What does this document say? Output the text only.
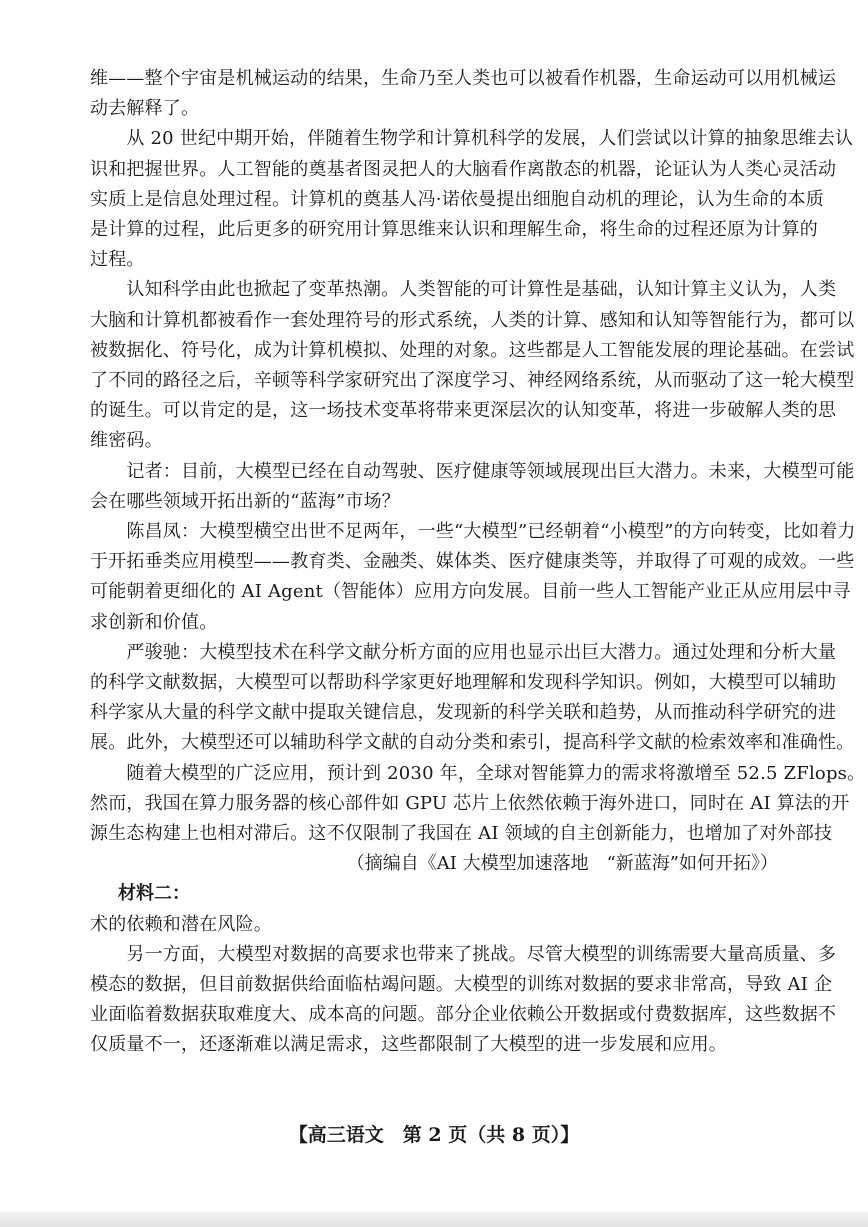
维——整个宇宙是机械运动的结果，生命乃至人类也可以被看作机器，生命运动可以用机械运
动去解释了。
　　从 20 世纪中期开始，伴随着生物学和计算机科学的发展，人们尝试以计算的抽象思维去认
识和把握世界。人工智能的奠基者图灵把人的大脑看作离散态的机器，论证认为人类心灵活动
实质上是信息处理过程。计算机的奠基人冯·诺依曼提出细胞自动机的理论，认为生命的本质
是计算的过程，此后更多的研究用计算思维来认识和理解生命，将生命的过程还原为计算的
过程。
　　认知科学由此也掀起了变革热潮。人类智能的可计算性是基础，认知计算主义认为，人类
大脑和计算机都被看作一套处理符号的形式系统，人类的计算、感知和认知等智能行为，都可以
被数据化、符号化，成为计算机模拟、处理的对象。这些都是人工智能发展的理论基础。在尝试
了不同的路径之后，辛顿等科学家研究出了深度学习、神经网络系统，从而驱动了这一轮大模型
的诞生。可以肯定的是，这一场技术变革将带来更深层次的认知变革，将进一步破解人类的思
维密码。
　　记者：目前，大模型已经在自动驾驶、医疗健康等领域展现出巨大潜力。未来，大模型可能
会在哪些领域开拓出新的“蓝海”市场？
　　陈昌凤：大模型横空出世不足两年，一些“大模型”已经朝着“小模型”的方向转变，比如着力
于开拓垂类应用模型——教育类、金融类、媒体类、医疗健康类等，并取得了可观的成效。一些
可能朝着更细化的 AI Agent（智能体）应用方向发展。目前一些人工智能产业正从应用层中寻
求创新和价值。
　　严骏驰：大模型技术在科学文献分析方面的应用也显示出巨大潜力。通过处理和分析大量
的科学文献数据，大模型可以帮助科学家更好地理解和发现科学知识。例如，大模型可以辅助
科学家从大量的科学文献中提取关键信息，发现新的科学关联和趋势，从而推动科学研究的进
展。此外，大模型还可以辅助科学文献的自动分类和索引，提高科学文献的检索效率和准确性。
（摘编自《AI 大模型加速落地　“新蓝海”如何开拓》）
材料二：
　　随着大模型的广泛应用，预计到 2030 年，全球对智能算力的需求将激增至 52.5 ZFlops。
然而，我国在算力服务器的核心部件如 GPU 芯片上依然依赖于海外进口，同时在 AI 算法的开
源生态构建上也相对滞后。这不仅限制了我国在 AI 领域的自主创新能力，也增加了对外部技
术的依赖和潜在风险。
　　另一方面，大模型对数据的高要求也带来了挑战。尽管大模型的训练需要大量高质量、多
模态的数据，但目前数据供给面临枯竭问题。大模型的训练对数据的要求非常高，导致 AI 企
业面临着数据获取难度大、成本高的问题。部分企业依赖公开数据或付费数据库，这些数据不
仅质量不一，还逐渐难以满足需求，这些都限制了大模型的进一步发展和应用。
【高三语文　第 2 页（共 8 页）】
